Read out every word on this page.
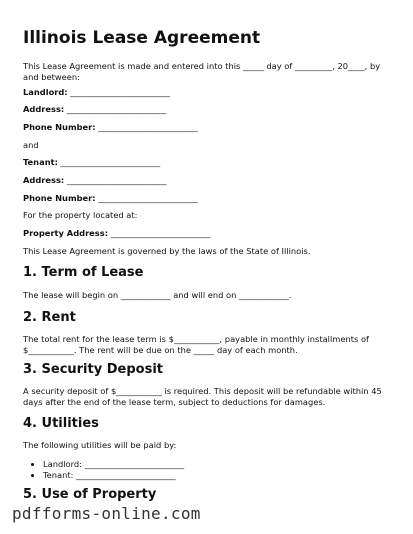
Illinois Lease Agreement

This Lease Agreement is made and entered into this _____ day of _________, 20____, by and between:

Landlord: ________________________

Address: ________________________

Phone Number: ________________________

and

Tenant: ________________________

Address: ________________________

Phone Number: ________________________

For the property located at:

Property Address: ________________________

This Lease Agreement is governed by the laws of the State of Illinois.

1. Term of Lease

The lease will begin on ____________ and will end on ____________.

2. Rent

The total rent for the lease term is $___________, payable in monthly installments of $___________. The rent will be due on the _____ day of each month.

3. Security Deposit

A security deposit of $___________ is required. This deposit will be refundable within 45 days after the end of the lease term, subject to deductions for damages.

4. Utilities

The following utilities will be paid by:

• Landlord: ________________________
• Tenant: ________________________
5. Use of Property
pdfforms-online.com
